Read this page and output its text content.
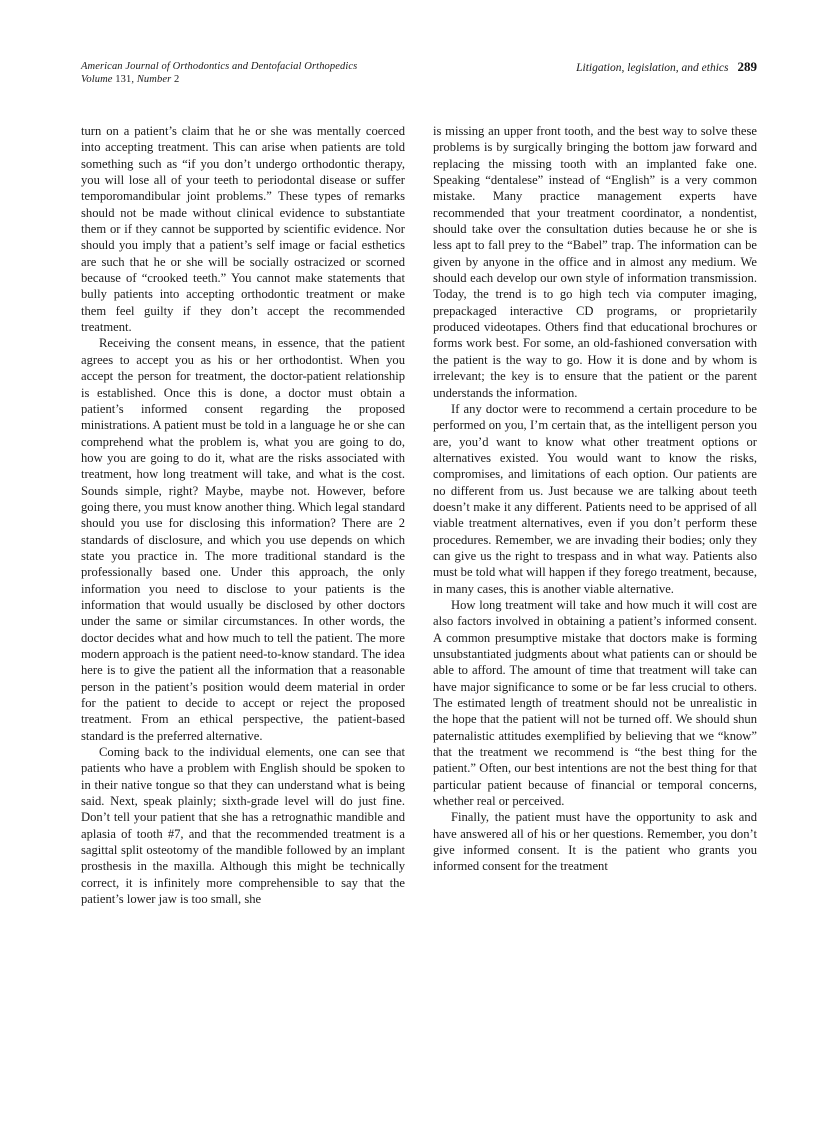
American Journal of Orthodontics and Dentofacial Orthopedics
Volume 131, Number 2
Litigation, legislation, and ethics 289

turn on a patient’s claim that he or she was mentally coerced into accepting treatment. This can arise when patients are told something such as “if you don’t undergo orthodontic therapy, you will lose all of your teeth to periodontal disease or suffer temporomandibular joint problems.” These types of remarks should not be made without clinical evidence to substantiate them or if they cannot be supported by scientific evidence. Nor should you imply that a patient’s self image or facial esthetics are such that he or she will be socially ostracized or scorned because of “crooked teeth.” You cannot make statements that bully patients into accepting orthodontic treatment or make them feel guilty if they don’t accept the recommended treatment.

Receiving the consent means, in essence, that the patient agrees to accept you as his or her orthodontist. When you accept the person for treatment, the doctor-patient relationship is established. Once this is done, a doctor must obtain a patient’s informed consent regarding the proposed ministrations. A patient must be told in a language he or she can comprehend what the problem is, what you are going to do, how you are going to do it, what are the risks associated with treatment, how long treatment will take, and what is the cost. Sounds simple, right? Maybe, maybe not. However, before going there, you must know another thing. Which legal standard should you use for disclosing this information? There are 2 standards of disclosure, and which you use depends on which state you practice in. The more traditional standard is the professionally based one. Under this approach, the only information you need to disclose to your patients is the information that would usually be disclosed by other doctors under the same or similar circumstances. In other words, the doctor decides what and how much to tell the patient. The more modern approach is the patient need-to-know standard. The idea here is to give the patient all the information that a reasonable person in the patient’s position would deem material in order for the patient to decide to accept or reject the proposed treatment. From an ethical perspective, the patient-based standard is the preferred alternative.

Coming back to the individual elements, one can see that patients who have a problem with English should be spoken to in their native tongue so that they can understand what is being said. Next, speak plainly; sixth-grade level will do just fine. Don’t tell your patient that she has a retrognathic mandible and aplasia of tooth #7, and that the recommended treatment is a sagittal split osteotomy of the mandible followed by an implant prosthesis in the maxilla. Although this might be technically correct, it is infinitely more comprehensible to say that the patient’s lower jaw is too small, she

is missing an upper front tooth, and the best way to solve these problems is by surgically bringing the bottom jaw forward and replacing the missing tooth with an implanted fake one. Speaking “dentalese” instead of “English” is a very common mistake. Many practice management experts have recommended that your treatment coordinator, a nondentist, should take over the consultation duties because he or she is less apt to fall prey to the “Babel” trap. The information can be given by anyone in the office and in almost any medium. We should each develop our own style of information transmission. Today, the trend is to go high tech via computer imaging, prepackaged interactive CD programs, or proprietarily produced videotapes. Others find that educational brochures or forms work best. For some, an old-fashioned conversation with the patient is the way to go. How it is done and by whom is irrelevant; the key is to ensure that the patient or the parent understands the information.

If any doctor were to recommend a certain procedure to be performed on you, I’m certain that, as the intelligent person you are, you’d want to know what other treatment options or alternatives existed. You would want to know the risks, compromises, and limitations of each option. Our patients are no different from us. Just because we are talking about teeth doesn’t make it any different. Patients need to be apprised of all viable treatment alternatives, even if you don’t perform these procedures. Remember, we are invading their bodies; only they can give us the right to trespass and in what way. Patients also must be told what will happen if they forego treatment, because, in many cases, this is another viable alternative.

How long treatment will take and how much it will cost are also factors involved in obtaining a patient’s informed consent. A common presumptive mistake that doctors make is forming unsubstantiated judgments about what patients can or should be able to afford. The amount of time that treatment will take can have major significance to some or be far less crucial to others. The estimated length of treatment should not be unrealistic in the hope that the patient will not be turned off. We should shun paternalistic attitudes exemplified by believing that we “know” that the treatment we recommend is “the best thing for the patient.” Often, our best intentions are not the best thing for that particular patient because of financial or temporal concerns, whether real or perceived.

Finally, the patient must have the opportunity to ask and have answered all of his or her questions. Remember, you don’t give informed consent. It is the patient who grants you informed consent for the treatment
